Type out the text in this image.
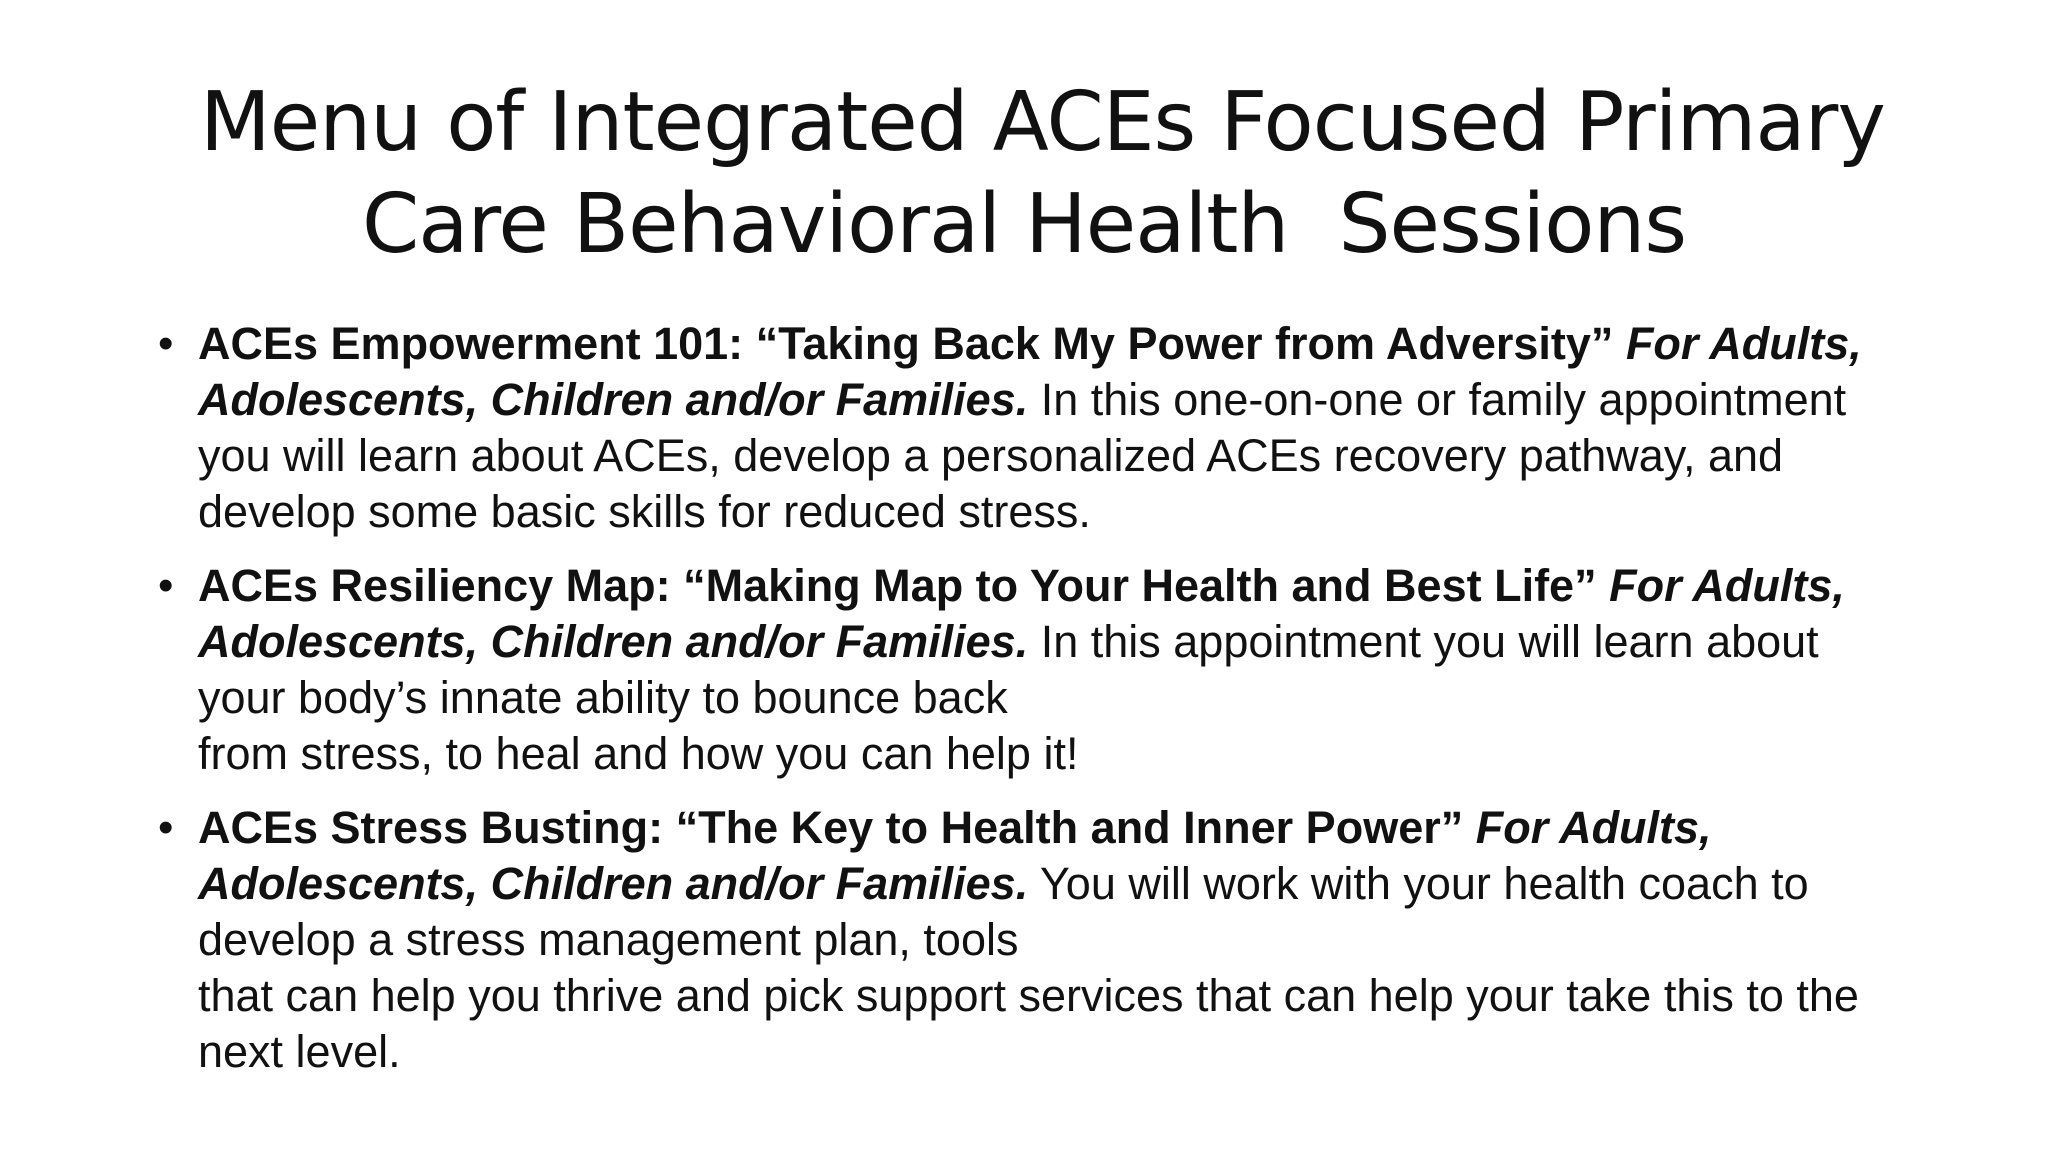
Menu of Integrated ACEs Focused Primary
Care Behavioral Health  Sessions
• ACEs Empowerment 101: “Taking Back My Power from Adversity” For Adults, Adolescents, Children and/or Families. In this one-on-one or family appointment you will learn about ACEs, develop a personalized ACEs recovery pathway, and develop some basic skills for reduced stress.
• ACEs Resiliency Map: “Making Map to Your Health and Best Life” For Adults, Adolescents, Children and/or Families. In this appointment you will learn about your body’s innate ability to bounce back
from stress, to heal and how you can help it!
• ACEs Stress Busting: “The Key to Health and Inner Power” For Adults, Adolescents, Children and/or Families. You will work with your health coach to develop a stress management plan, tools
that can help you thrive and pick support services that can help your take this to the next level.
